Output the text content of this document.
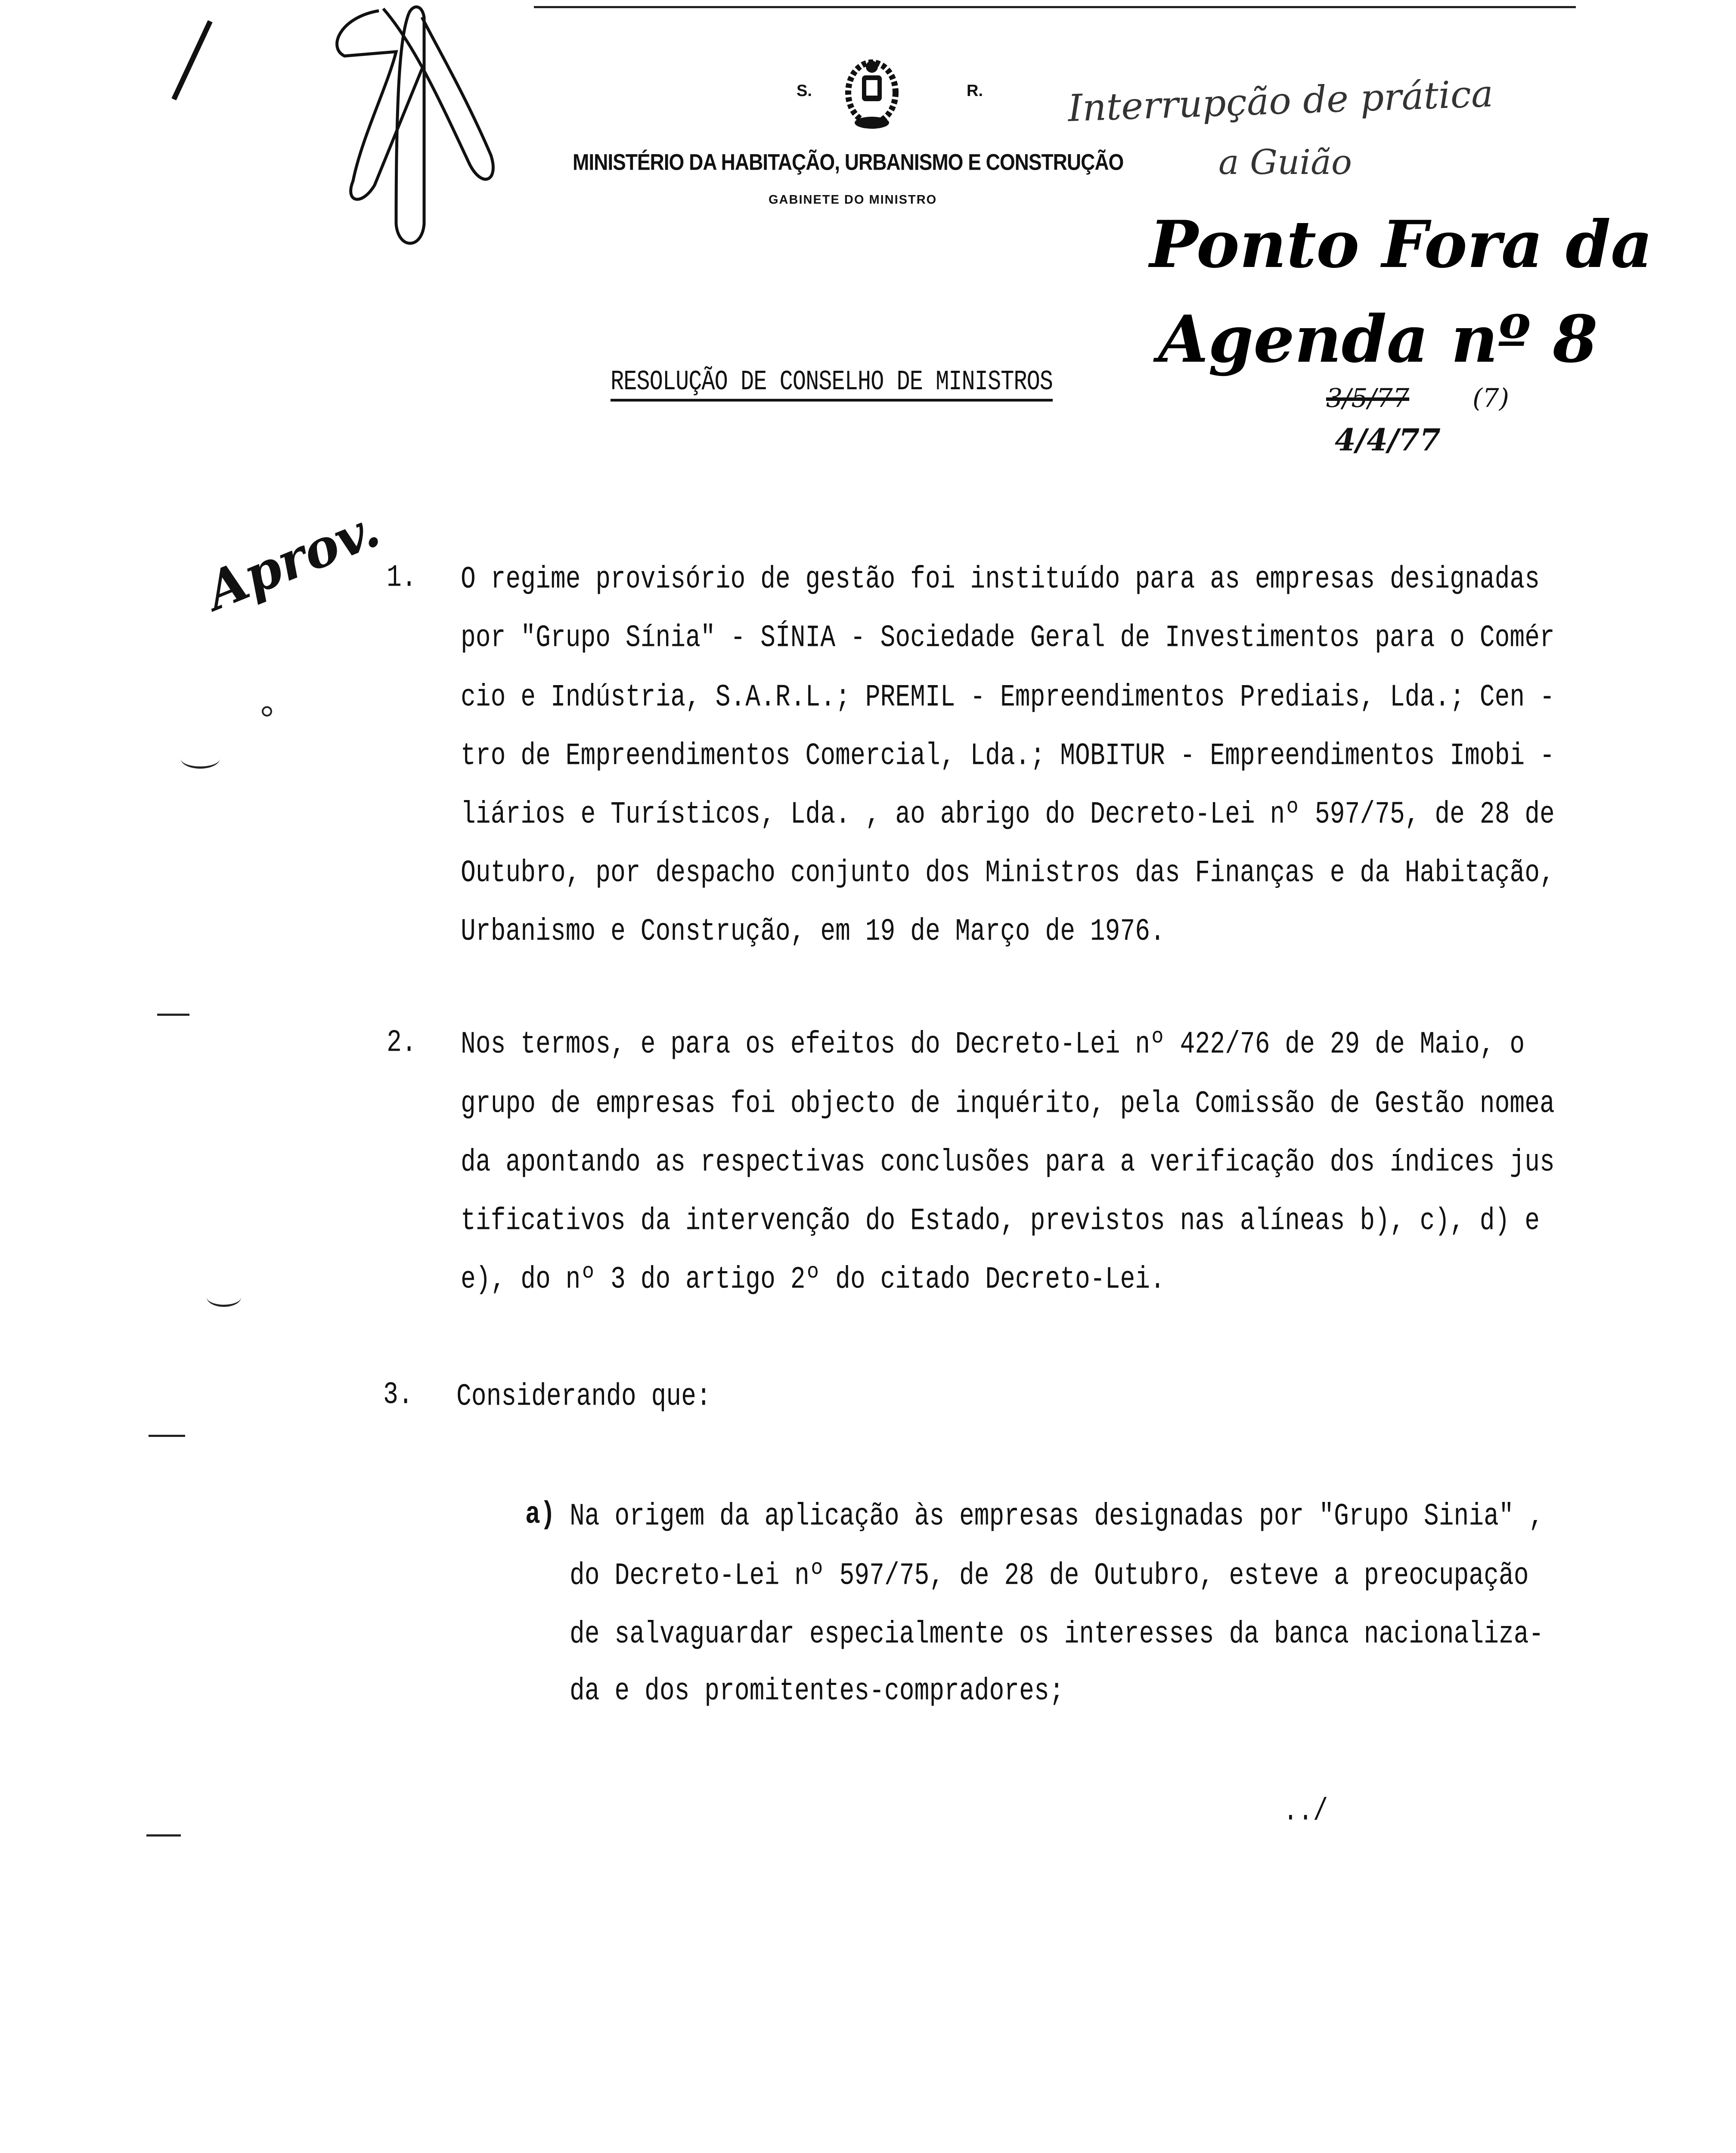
S.	R.
MINISTÉRIO DA HABITAÇÃO, URBANISMO E CONSTRUÇÃO
GABINETE DO MINISTRO
Interrupção de prática
a Guião
Ponto Fora da
Agenda nº 8
3/5/77 (7)
4/4/77
Aprov.
RESOLUÇÃO DE CONSELHO DE MINISTROS
1. O regime provisório de gestão foi instituído para as empresas designadas
por "Grupo Sínia" - SÍNIA - Sociedade Geral de Investimentos para o Comér
cio e Indústria, S.A.R.L.; PREMIL - Empreendimentos Prediais, Lda.; Cen -
tro de Empreendimentos Comercial, Lda.; MOBITUR - Empreendimentos Imobi -
liários e Turísticos, Lda. , ao abrigo do Decreto-Lei nº 597/75, de 28 de
Outubro, por despacho conjunto dos Ministros das Finanças e da Habitação,
Urbanismo e Construção, em 19 de Março de 1976.
2. Nos termos, e para os efeitos do Decreto-Lei nº 422/76 de 29 de Maio, o
grupo de empresas foi objecto de inquérito, pela Comissão de Gestão nomea
da apontando as respectivas conclusões para a verificação dos índices jus
tificativos da intervenção do Estado, previstos nas alíneas b), c), d) e
e), do nº 3 do artigo 2º do citado Decreto-Lei.
3. Considerando que:
a) Na origem da aplicação às empresas designadas por "Grupo Sinia" ,
do Decreto-Lei nº 597/75, de 28 de Outubro, esteve a preocupação
de salvaguardar especialmente os interesses da banca nacionaliza-
da e dos promitentes-compradores;
../
